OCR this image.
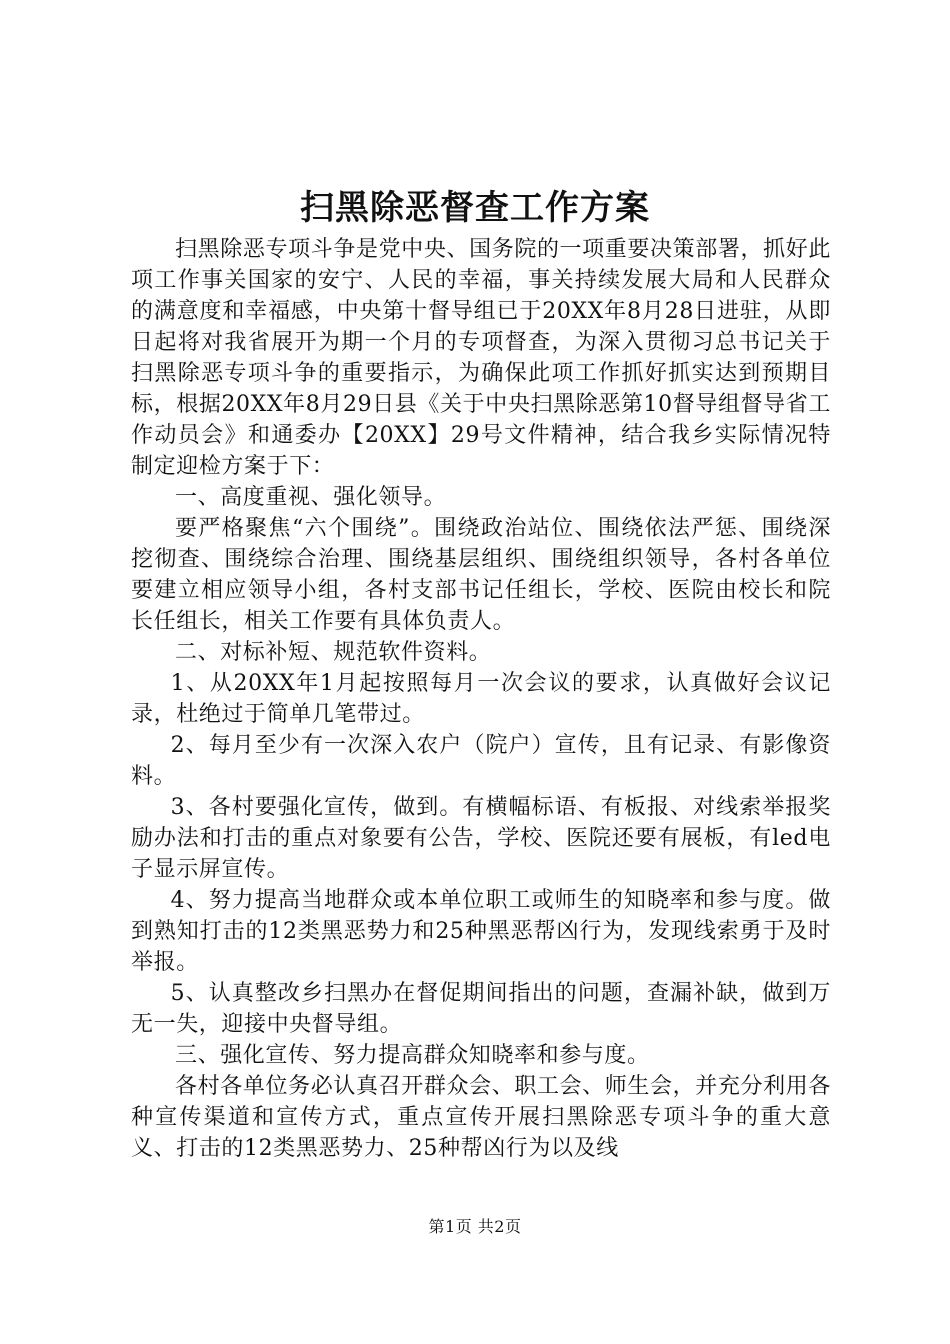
扫黑除恶督查工作方案

扫黑除恶专项斗争是党中央、国务院的一项重要决策部署，抓好此项工作事关国家的安宁、人民的幸福，事关持续发展大局和人民群众的满意度和幸福感，中央第十督导组已于20XX年8月28日进驻，从即日起将对我省展开为期一个月的专项督查，为深入贯彻习总书记关于扫黑除恶专项斗争的重要指示，为确保此项工作抓好抓实达到预期目标，根据20XX年8月29日县《关于中央扫黑除恶第10督导组督导省工作动员会》和通委办【20XX】29号文件精神，结合我乡实际情况特制定迎检方案于下：

一、高度重视、强化领导。

要严格聚焦“六个围绕”。围绕政治站位、围绕依法严惩、围绕深挖彻查、围绕综合治理、围绕基层组织、围绕组织领导，各村各单位要建立相应领导小组，各村支部书记任组长，学校、医院由校长和院长任组长，相关工作要有具体负责人。

二、对标补短、规范软件资料。

1、从20XX年1月起按照每月一次会议的要求，认真做好会议记录，杜绝过于简单几笔带过。

2、每月至少有一次深入农户（院户）宣传，且有记录、有影像资料。

3、各村要强化宣传，做到。有横幅标语、有板报、对线索举报奖励办法和打击的重点对象要有公告，学校、医院还要有展板，有led电子显示屏宣传。

4、努力提高当地群众或本单位职工或师生的知晓率和参与度。做到熟知打击的12类黑恶势力和25种黑恶帮凶行为，发现线索勇于及时举报。

5、认真整改乡扫黑办在督促期间指出的问题，查漏补缺，做到万无一失，迎接中央督导组。

三、强化宣传、努力提高群众知晓率和参与度。

各村各单位务必认真召开群众会、职工会、师生会，并充分利用各种宣传渠道和宣传方式，重点宣传开展扫黑除恶专项斗争的重大意义、打击的12类黑恶势力、25种帮凶行为以及线

第1页 共2页
